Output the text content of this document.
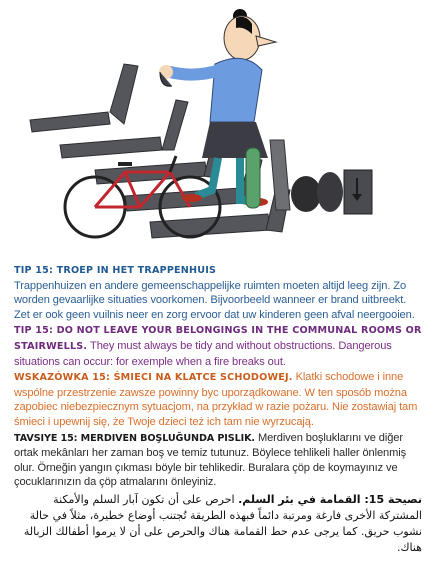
TIP 15: TROEP IN HET TRAPPENHUIS
Trappenhuizen en andere gemeenschappelijke ruimten moeten altijd leeg zijn. Zo worden gevaarlijke situaties voorkomen. Bijvoorbeeld wanneer er brand uitbreekt. Zet er ook geen vuilnis neer en zorg ervoor dat uw kinderen geen afval neergooien.
TIP 15: DO NOT LEAVE YOUR BELONGINGS IN THE COMMUNAL ROOMS OR STAIRWELLS. They must always be tidy and without obstructions. Dangerous situations can occur: for exemple when a fire breaks out.
WSKAZÓWKA 15: ŚMIECI NA KLATCE SCHODOWEJ. Klatki schodowe i inne wspólne przestrzenie zawsze powinny byc uporządkowane. W ten sposób można zapobiec niebezpiecznym sytuacjom, na przykład w razie pożaru. Nie zostawiaj tam śmieci i upewnij się, że Twoje dzieci też ich tam nie wyrzucają.
TAVSIYE 15: MERDIVEN BOŞLUĞUNDA PISLIK. Merdiven boşluklarını ve diğer ortak mekânları her zaman boş ve temiz tutunuz. Böylece tehlikeli haller önlenmiş olur. Örneğin yangın çıkması böyle bir tehlikedir. Buralara çöp de koymayınız ve çocuklarınızın da çöp atmalarını önleyiniz.
نصيحة 15: القمامة في بئر السلم. احرص على أن تكون آبار السلم والأمكنة المشتركة الأخرى فارغة ومرتبة دائماً فبهذه الطريقة تُجتنب أوضاع خطيرة، مثلاً في حالة نشوب حريق. كما يرجى عدم حط القمامة هناك والحرص على أن لا يرموا أطفالك الزبالة هناك.
